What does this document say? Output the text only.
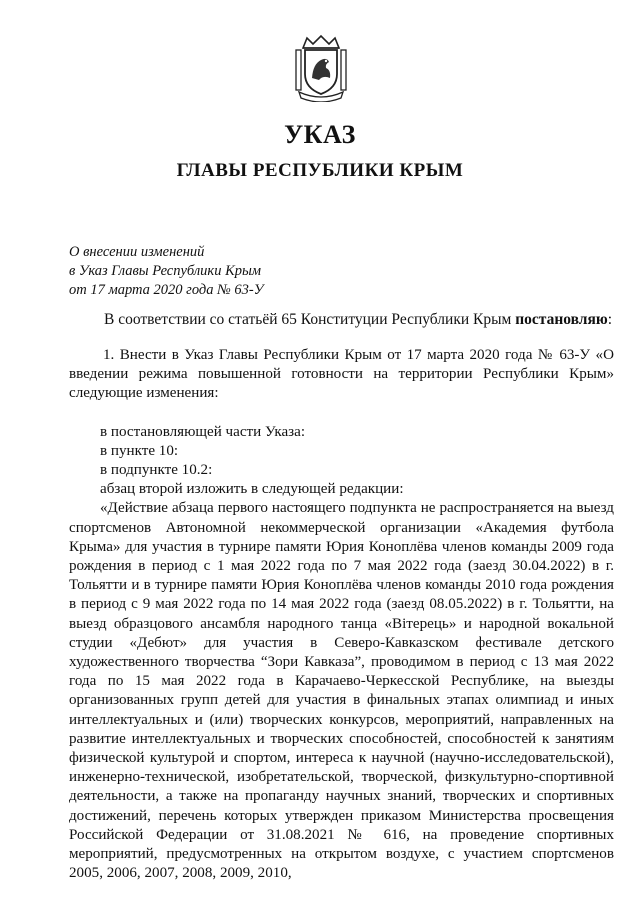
УКАЗ
ГЛАВЫ РЕСПУБЛИКИ КРЫМ
О внесении изменений
в Указ Главы Республики Крым
от 17 марта 2020 года № 63-У
В соответствии со статьёй 65 Конституции Республики Крым постановляю:

1. Внести в Указ Главы Республики Крым от 17 марта 2020 года № 63-У «О введении режима повышенной готовности на территории Республики Крым» следующие изменения:

в постановляющей части Указа:

в пункте 10:

в подпункте 10.2:

абзац второй изложить в следующей редакции:

«Действие абзаца первого настоящего подпункта не распространяется на выезд спортсменов Автономной некоммерческой организации «Академия футбола Крыма» для участия в турнире памяти Юрия Коноплёва членов команды 2009 года рождения в период с 1 мая 2022 года по 7 мая 2022 года (заезд 30.04.2022) в г. Тольятти и в турнире памяти Юрия Коноплёва членов команды 2010 года рождения в период с 9 мая 2022 года по 14 мая 2022 года (заезд 08.05.2022) в г. Тольятти, на выезд образцового ансамбля народного танца «Вітерець» и народной вокальной студии «Дебют» для участия в Северо-Кавказском фестивале детского художественного творчества “Зори Кавказа”, проводимом в период с 13 мая 2022 года по 15 мая 2022 года в Карачаево-Черкесской Республике, на выезды организованных групп детей для участия в финальных этапах олимпиад и иных интеллектуальных и (или) творческих конкурсов, мероприятий, направленных на развитие интеллектуальных и творческих способностей, способностей к занятиям физической культурой и спортом, интереса к научной (научно-исследовательской), инженерно-технической, изобретательской, творческой, физкультурно-спортивной деятельности, а также на пропаганду научных знаний, творческих и спортивных достижений, перечень которых утвержден приказом Министерства просвещения Российской Федерации от 31.08.2021 № 616, на проведение спортивных мероприятий, предусмотренных на открытом воздухе, с участием спортсменов 2005, 2006, 2007, 2008, 2009, 2010,
